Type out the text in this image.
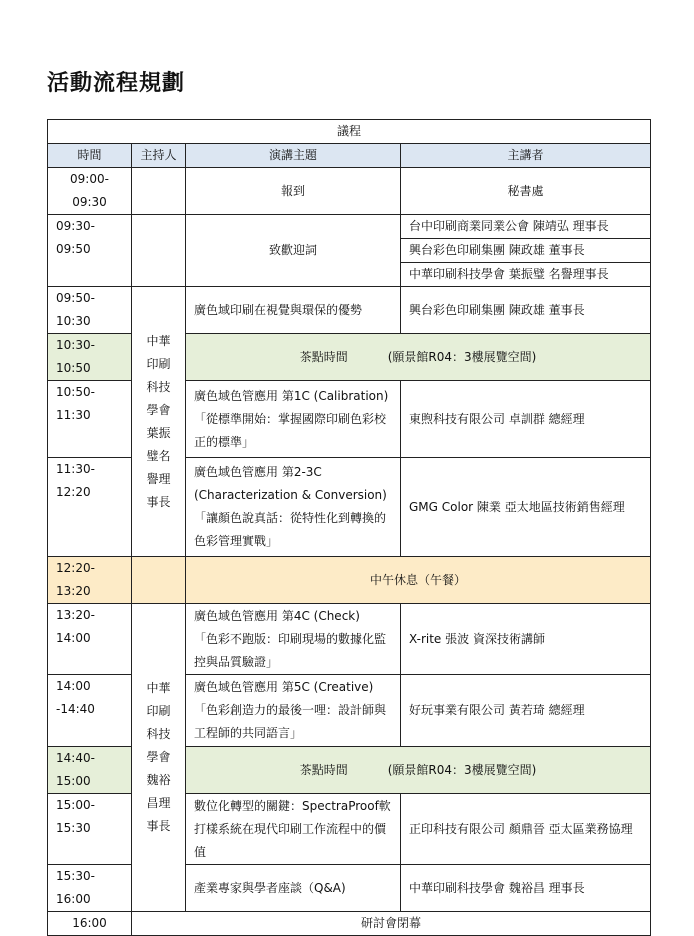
活動流程規劃
議程			
時間	主持人	演講主題	主講者
09:00-09:30		報到	秘書處
09:30-09:50		致歡迎詞	台中印刷商業同業公會 陳靖弘 理事長
			興台彩色印刷集團 陳政雄 董事長
			中華印刷科技學會 葉振璧 名譽理事長
09:50-10:30	中華印刷科技學會葉振璧名譽理事長	廣色域印刷在視覺與環保的優勢	興台彩色印刷集團 陳政雄 董事長
10:30-10:50		茶點時間 (願景館R04：3樓展覽空間)	
10:50-11:30		廣色域色管應用 第1C (Calibration)
「從標準開始：掌握國際印刷色彩校
正的標準」	東煦科技有限公司 卓訓群 總經理
11:30-12:20		廣色域色管應用 第2-3C
(Characterization & Conversion)
「讓顏色說真話：從特性化到轉換的
色彩管理實戰」	GMG Color 陳業 亞太地區技術銷售經理
12:20-13:20		中午休息（午餐）	
13:20-14:00	中華印刷科技學會魏裕昌理事長	廣色域色管應用 第4C (Check)
「色彩不跑版：印刷現場的數據化監
控與品質驗證」	X-rite 張波 資深技術講師
14:00 -14:40		廣色域色管應用 第5C (Creative)
「色彩創造力的最後一哩：設計師與
工程師的共同語言」	好玩事業有限公司 黃若琦 總經理
14:40-15:00		茶點時間 (願景館R04：3樓展覽空間)	
15:00-15:30		數位化轉型的關鍵：SpectraProof軟
打樣系統在現代印刷工作流程中的價
值	正印科技有限公司 顏鼎晉 亞太區業務協理
15:30-16:00		產業專家與學者座談（Q&A)	中華印刷科技學會 魏裕昌 理事長
16:00	研討會閉幕		
